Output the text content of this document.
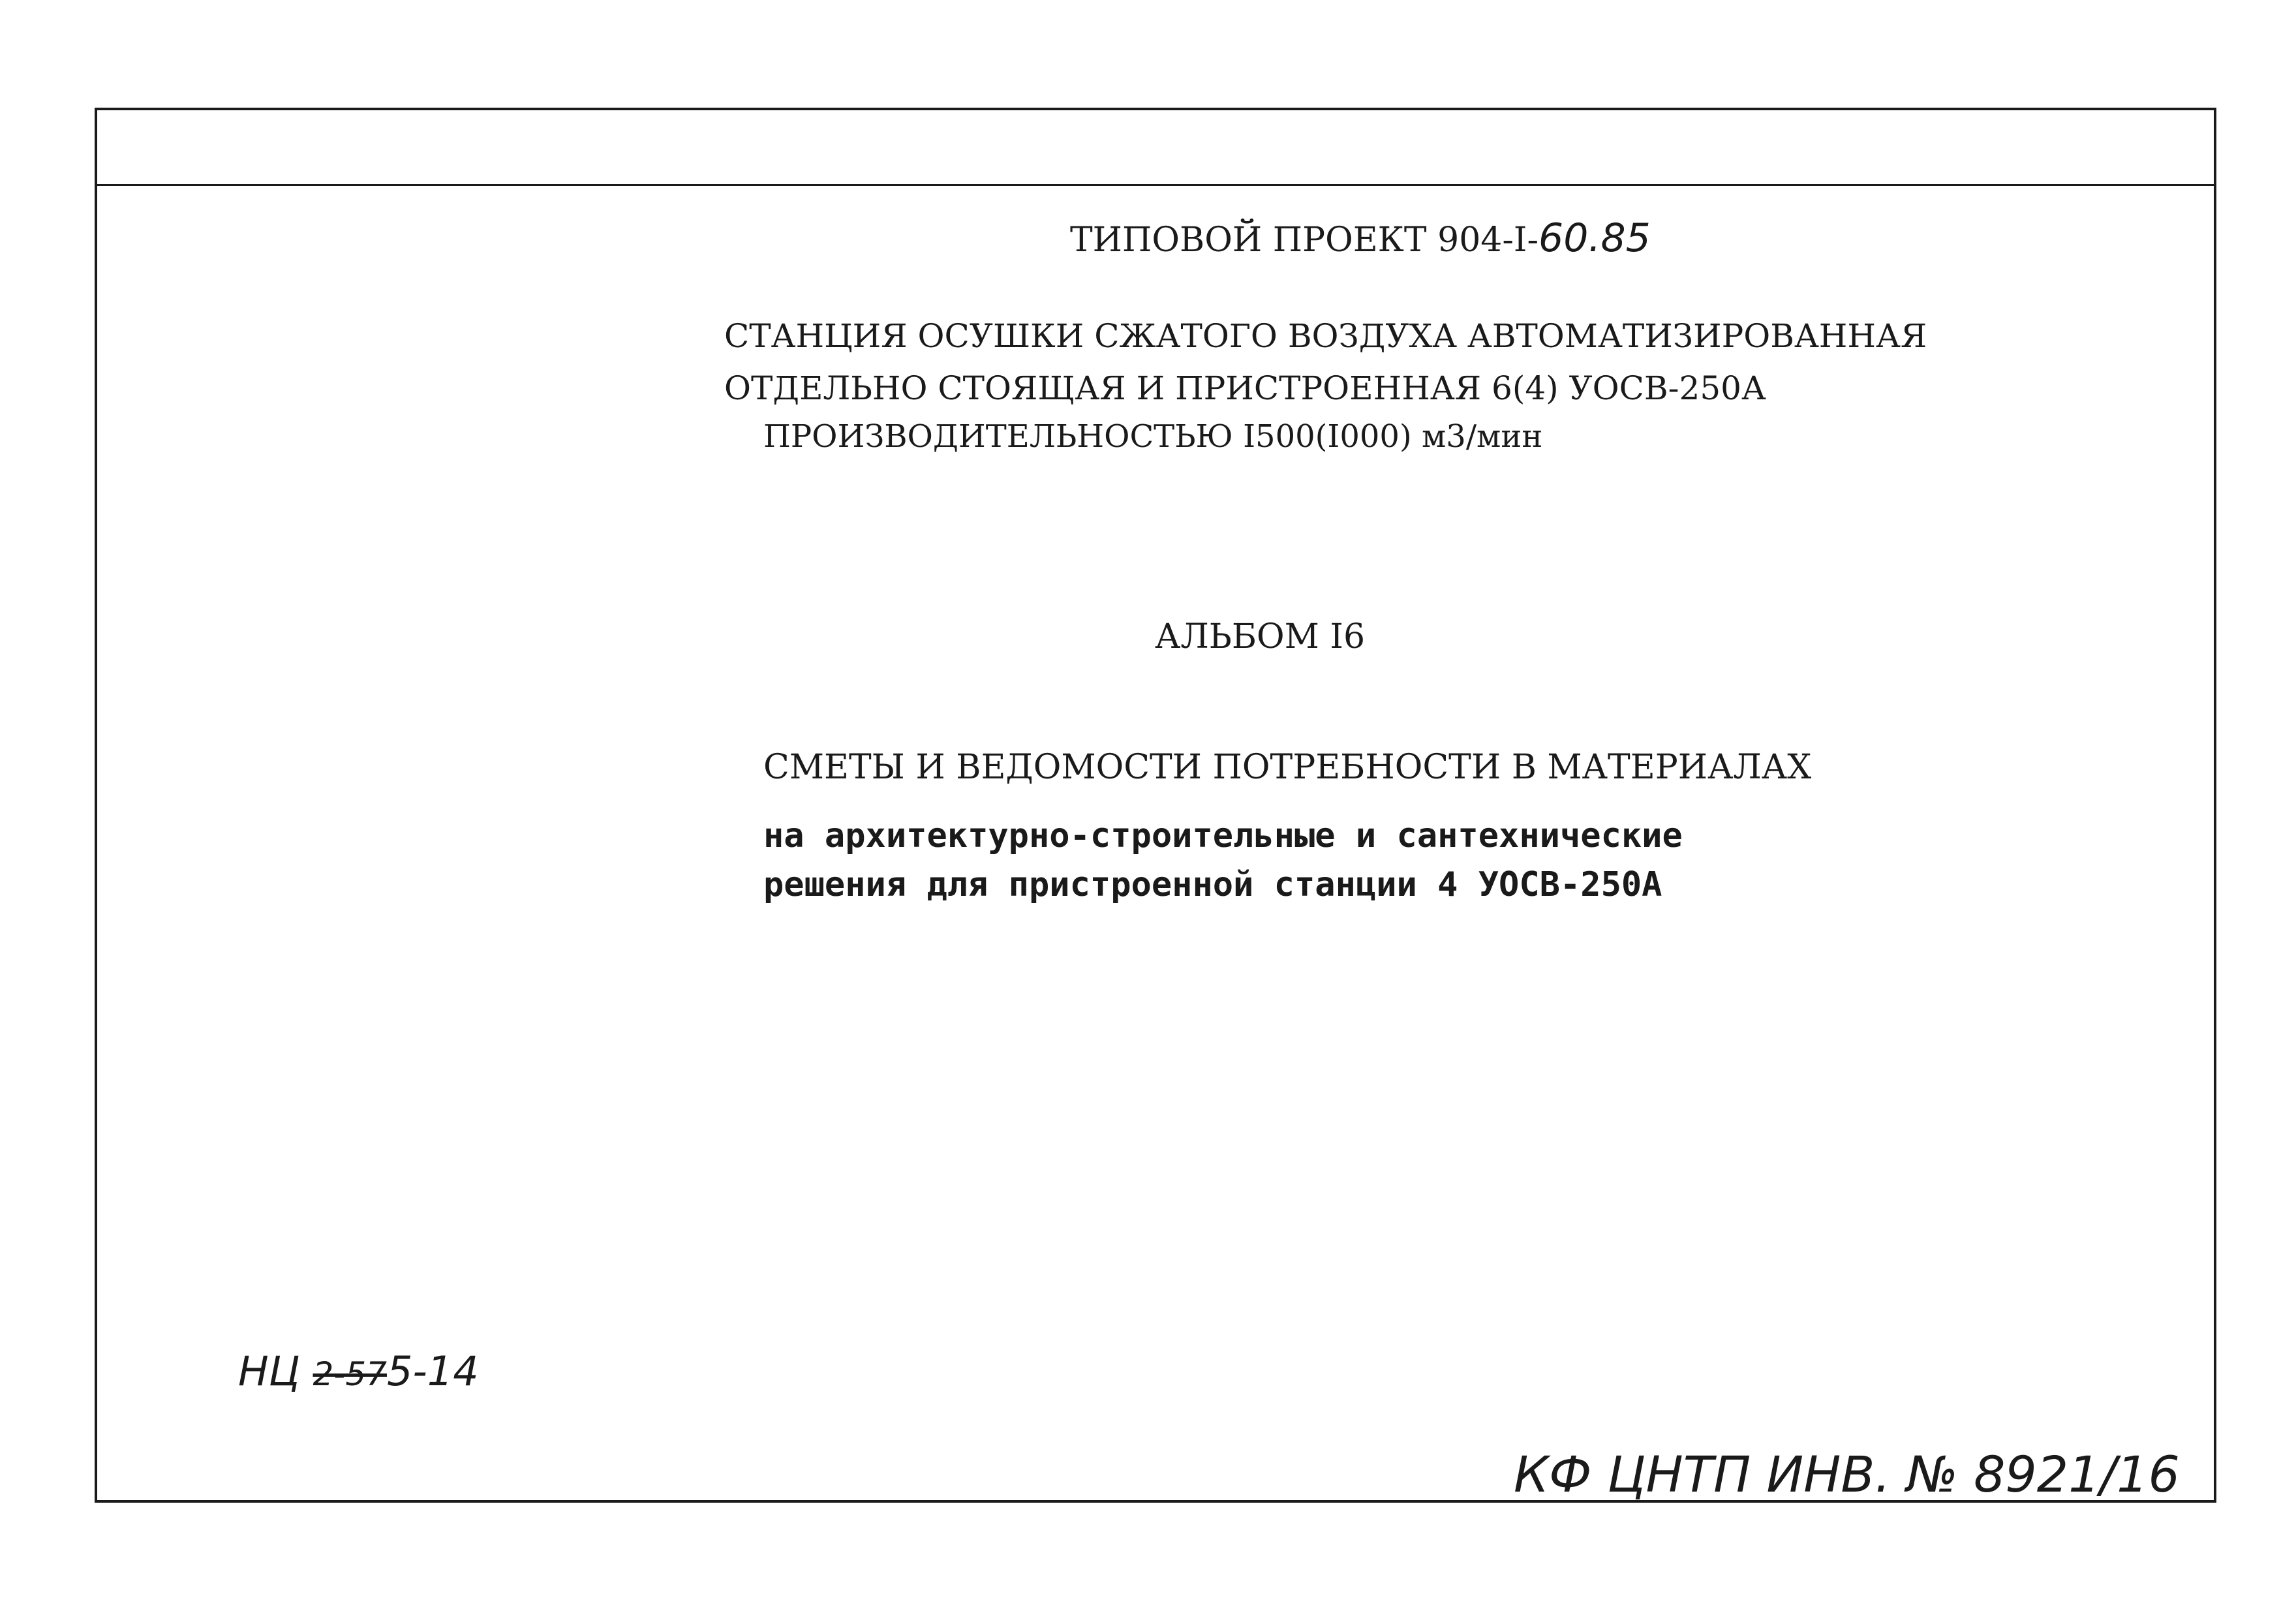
ТИПОВОЙ ПРОЕКТ 904-I-60.85
СТАНЦИЯ ОСУШКИ СЖАТОГО ВОЗДУХА АВТОМАТИЗИРОВАННАЯ
ОТДЕЛЬНО СТОЯЩАЯ И ПРИСТРОЕННАЯ 6(4) УОСВ-250А
ПРОИЗВОДИТЕЛЬНОСТЬЮ I500(I000) м3/мин
АЛЬБОМ I6
СМЕТЫ И ВЕДОМОСТИ ПОТРЕБНОСТИ В МАТЕРИАЛАХ
на архитектурно-строительные и сантехнические
решения для пристроенной станции 4 УОСВ-250А
НЦ 2-575-14
КФ ЦНТП ИНВ. № 8921/16
